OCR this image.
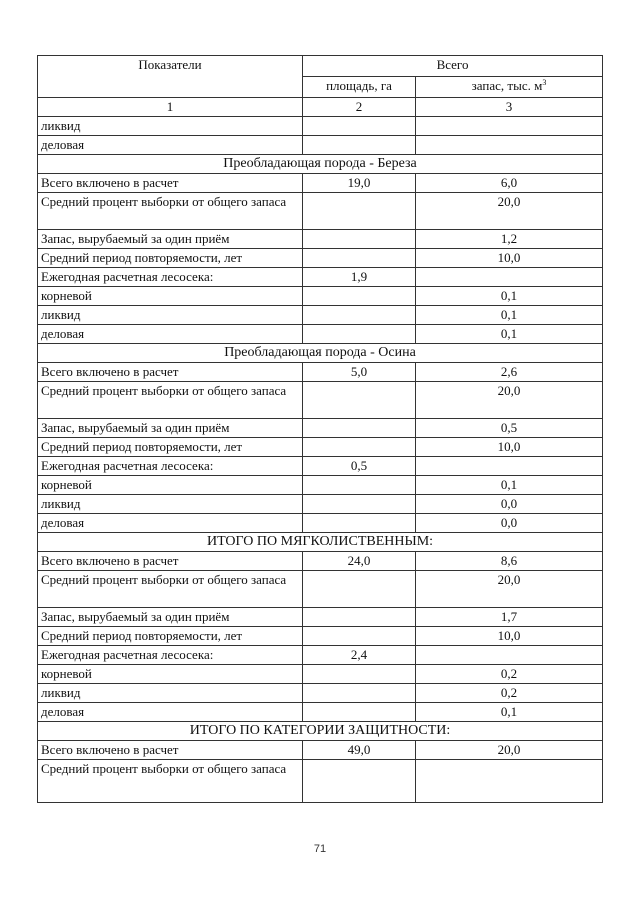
Показатели	Всего	
	площадь, га	запас, тыс. $м^3$
1	2	3
ликвид		
деловая		
Преобладающая порода - Береза		
Всего включено в расчет	19,0	6,0
Средний процент выборки от общего запаса		20,0
Запас, вырубаемый за один приём		1,2
Средний период повторяемости, лет		10,0
Ежегодная расчетная лесосека:	1,9	
корневой		0,1
ликвид		0,1
деловая		0,1
Преобладающая порода - Осина		
Всего включено в расчет	5,0	2,6
Средний процент выборки от общего запаса		20,0
Запас, вырубаемый за один приём		0,5
Средний период повторяемости, лет		10,0
Ежегодная расчетная лесосека:	0,5	
корневой		0,1
ликвид		0,0
деловая		0,0
ИТОГО ПО МЯГКОЛИСТВЕННЫМ:		
Всего включено в расчет	24,0	8,6
Средний процент выборки от общего запаса		20,0
Запас, вырубаемый за один приём		1,7
Средний период повторяемости, лет		10,0
Ежегодная расчетная лесосека:	2,4	
корневой		0,2
ликвид		0,2
деловая		0,1
ИТОГО ПО КАТЕГОРИИ ЗАЩИТНОСТИ:		
Всего включено в расчет	49,0	20,0
Средний процент выборки от общего запаса		
71
